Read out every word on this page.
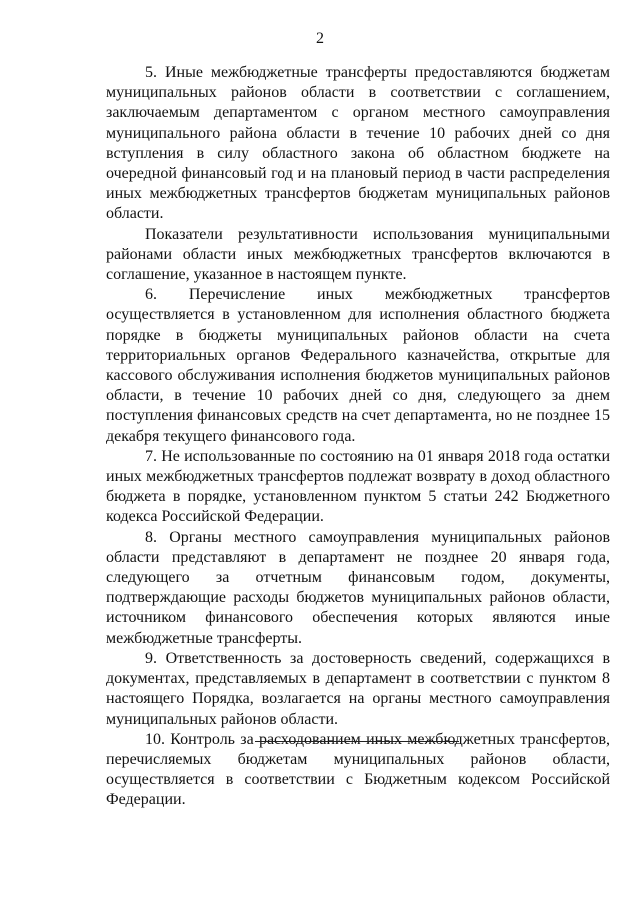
2

5. Иные межбюджетные трансферты предоставляются бюджетам муниципальных районов области в соответствии с соглашением, заключаемым департаментом с органом местного самоуправления муниципального района области в течение 10 рабочих дней со дня вступления в силу областного закона об областном бюджете на очередной финансовый год и на плановый период в части распределения иных межбюджетных трансфертов бюджетам муниципальных районов области.

Показатели результативности использования муниципальными районами области иных межбюджетных трансфертов включаются в соглашение, указанное в настоящем пункте.

6. Перечисление иных межбюджетных трансфертов осуществляется в установленном для исполнения областного бюджета порядке в бюджеты муниципальных районов области на счета территориальных органов Федерального казначейства, открытые для кассового обслуживания исполнения бюджетов муниципальных районов области, в течение 10 рабочих дней со дня, следующего за днем поступления финансовых средств на счет департамента, но не позднее 15 декабря текущего финансового года.

7. Не использованные по состоянию на 01 января 2018 года остатки иных межбюджетных трансфертов подлежат возврату в доход областного бюджета в порядке, установленном пунктом 5 статьи 242 Бюджетного кодекса Российской Федерации.

8. Органы местного самоуправления муниципальных районов области представляют в департамент не позднее 20 января года, следующего за отчетным финансовым годом, документы, подтверждающие расходы бюджетов муниципальных районов области, источником финансового обеспечения которых являются иные межбюджетные трансферты.

9. Ответственность за достоверность сведений, содержащихся в документах, представляемых в департамент в соответствии с пунктом 8 настоящего Порядка, возлагается на органы местного самоуправления муниципальных районов области.

10. Контроль за расходованием иных межбюджетных трансфертов, перечисляемых бюджетам муниципальных районов области, осуществляется в соответствии с Бюджетным кодексом Российской Федерации.
